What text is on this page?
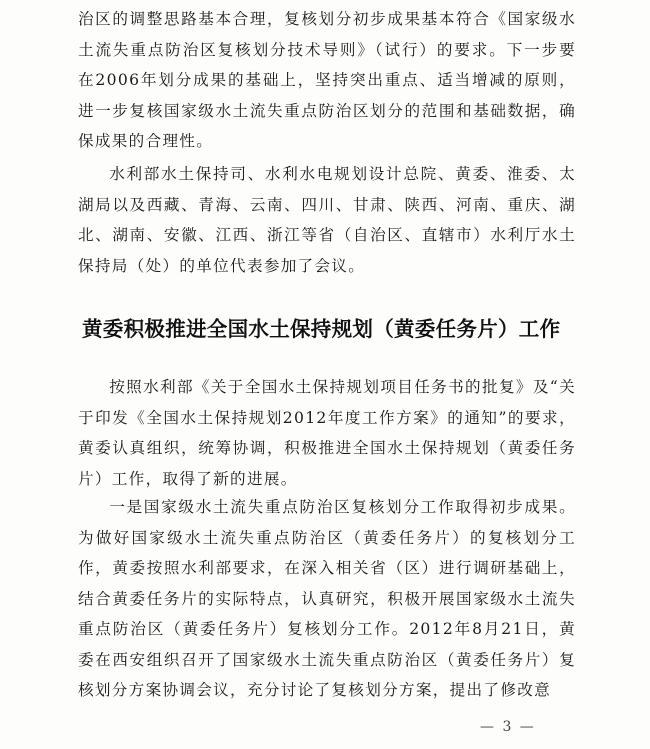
治区的调整思路基本合理，复核划分初步成果基本符合《国家级水土流失重点防治区复核划分技术导则》（试行）的要求。下一步要在2006年划分成果的基础上，坚持突出重点、适当增减的原则，进一步复核国家级水土流失重点防治区划分的范围和基础数据，确保成果的合理性。

水利部水土保持司、水利水电规划设计总院、黄委、淮委、太湖局以及西藏、青海、云南、四川、甘肃、陕西、河南、重庆、湖北、湖南、安徽、江西、浙江等省（自治区、直辖市）水利厅水土保持局（处）的单位代表参加了会议。

黄委积极推进全国水土保持规划（黄委任务片）工作

按照水利部《关于全国水土保持规划项目任务书的批复》及“关于印发《全国水土保持规划2012年度工作方案》的通知”的要求，黄委认真组织，统筹协调，积极推进全国水土保持规划（黄委任务片）工作，取得了新的进展。

一是国家级水土流失重点防治区复核划分工作取得初步成果。为做好国家级水土流失重点防治区（黄委任务片）的复核划分工作，黄委按照水利部要求，在深入相关省（区）进行调研基础上，结合黄委任务片的实际特点，认真研究，积极开展国家级水土流失重点防治区（黄委任务片）复核划分工作。2012年8月21日，黄委在西安组织召开了国家级水土流失重点防治区（黄委任务片）复核划分方案协调会议，充分讨论了复核划分方案，提出了修改意

— 3 —
